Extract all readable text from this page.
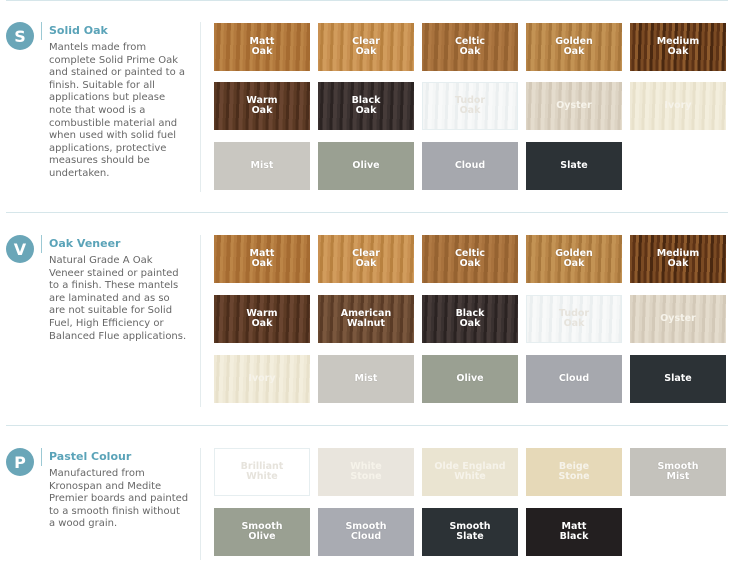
S	Solid Oak

Mantels made from complete Solid Prime Oak and stained or painted to a finish. Suitable for all applications but please note that wood is a combustible material and when used with solid fuel applications, protective measures should be undertaken.

Matt
Oak
Clear
Oak
Celtic
Oak
Golden
Oak
Medium
Oak
Warm
Oak
Black
Oak
Tudor
Oak	Oyster	Ivory
Mist	Olive	Cloud	Slate
V	Oak Veneer

Natural Grade A Oak Veneer stained or painted to a finish. These mantels are laminated and as so are not suitable for Solid Fuel, High Efficiency or Balanced Flue applications.

Matt
Oak
Clear
Oak
Celtic
Oak
Golden
Oak
Medium
Oak
Warm
Oak
American
Walnut
Black
Oak
Tudor
Oak	Oyster
Ivory	Mist	Olive	Cloud	Slate
P	Pastel Colour

Manufactured from Kronospan and Medite Premier boards and painted to a smooth finish without a wood grain.

Brilliant
White
White
Stone
Olde England
White
Beige
Stone
Smooth
Mist
Smooth
Olive
Smooth
Cloud
Smooth
Slate
Matt
Black
